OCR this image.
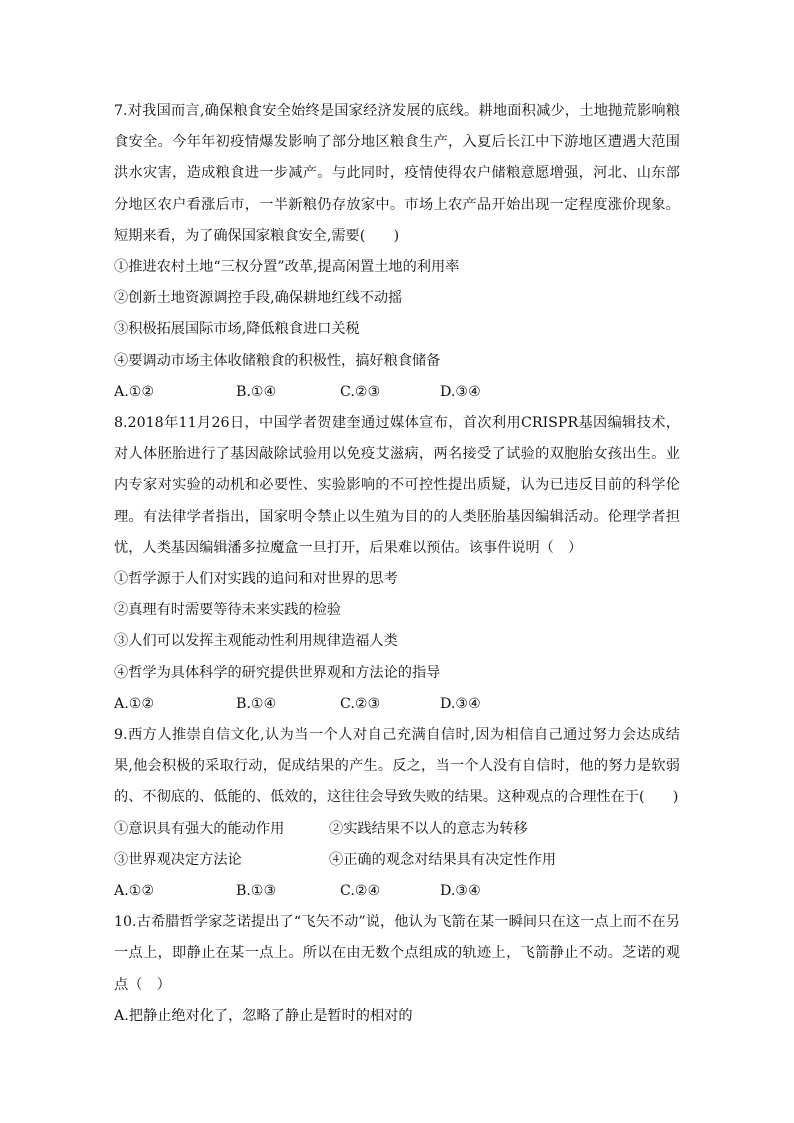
7.对我国而言,确保粮食安全始终是国家经济发展的底线。耕地面积减少，土地抛荒影响粮食安全。今年年初疫情爆发影响了部分地区粮食生产，入夏后长江中下游地区遭遇大范围洪水灾害，造成粮食进一步减产。与此同时，疫情使得农户储粮意愿增强，河北、山东部分地区农户看涨后市，一半新粮仍存放家中。市场上农产品开始出现一定程度涨价现象。短期来看，为了确保国家粮食安全,需要(　　)

①推进农村土地“三权分置”改革,提高闲置土地的利用率

②创新土地资源调控手段,确保耕地红线不动摇

③积极拓展国际市场,降低粮食进口关税

④要调动市场主体收储粮食的积极性，搞好粮食储备

A.①②	B.①④	C.②③	D.③④

8.2018年11月26日，中国学者贺建奎通过媒体宣布，首次利用CRISPR基因编辑技术，对人体胚胎进行了基因敲除试验用以免疫艾滋病，两名接受了试验的双胞胎女孩出生。业内专家对实验的动机和必要性、实验影响的不可控性提出质疑，认为已违反目前的科学伦理。有法律学者指出，国家明令禁止以生殖为目的的人类胚胎基因编辑活动。伦理学者担忧，人类基因编辑潘多拉魔盒一旦打开，后果难以预估。该事件说明（　）

①哲学源于人们对实践的追问和对世界的思考

②真理有时需要等待未来实践的检验

③人们可以发挥主观能动性利用规律造福人类

④哲学为具体科学的研究提供世界观和方法论的指导

A.①②	B.①④	C.②③	D.③④

9.西方人推崇自信文化,认为当一个人对自己充满自信时,因为相信自己通过努力会达成结果,他会积极的采取行动，促成结果的产生。反之，当一个人没有自信时，他的努力是软弱的、不彻底的、低能的、低效的，这往往会导致失败的结果。这种观点的合理性在于(　　)

①意识具有强大的能动作用	②实践结果不以人的意志为转移
③世界观决定方法论	④正确的观念对结果具有决定性作用
A.①②	B.①③	C.②④	D.③④

10.古希腊哲学家芝诺提出了“飞矢不动”说，他认为飞箭在某一瞬间只在这一点上而不在另一点上，即静止在某一点上。所以在由无数个点组成的轨迹上，飞箭静止不动。芝诺的观点（　）

A.把静止绝对化了，忽略了静止是暂时的相对的
